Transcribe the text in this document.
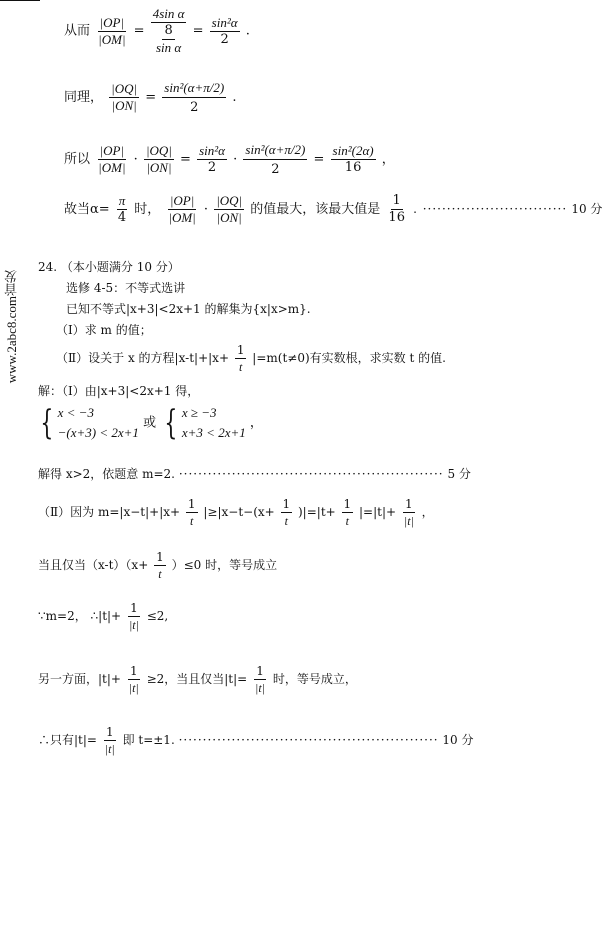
www.2abc8.com首发
从而 $\frac{|OP|}{|OM|}$ =
4sin α
8
sin α
= $\frac{\text{sin²α}}{2}$ .
同理， $\frac{|OQ|}{|ON|} = \frac{\text{sin²(α+π/2)}}{2}$ .
所以 $\frac{|OP|}{|OM|} \cdot \frac{|OQ|}{|ON|} = \frac{\text{sin²α}}{2} \cdot \frac{\text{sin²(α+π/2)}}{2} = \frac{\text{sin²(2α)}}{16}$ ，
故当$\alpha= \frac{\pi}{4}$ 时， $\frac{|OP|}{|OM|} \cdot \frac{|OQ|}{|ON|}$ 的值最大，该最大值是 $\frac{1}{16}$ . ······························ 10 分
24. （本小题满分 10 分）
选修 4-5：不等式选讲
已知不等式|x+3|<2x+1 的解集为{x|x>m}.
（Ⅰ）求 m 的值；
（Ⅱ）设关于 x 的方程$|x-t|+|x+ \frac{1}{t} |=m(t\ne 0)$有实数根，求实数 t 的值.
解：（Ⅰ）由|x+3|<2x+1 得，
{ x < −3
−(x+3) < 2x+1
或 { x ≥ −3
x+3 < 2x+1
，
解得 x>2，依题意 m=2. ······················································· 5 分
（Ⅱ）因为 $m=|x-t|+|x+ \frac{1}{t} |\ge|x-t-(x+ \frac{1}{t} )|=|t+ \frac{1}{t} |=|t|+ \frac{1}{|t|}$ ，
当且仅当$(x-t)(x+ \frac{1}{t} )\le 0$ 时，等号成立
∵m=2， ∴|t|+ $\frac{1}{|t|} \le 2$,
另一方面，$|t|+ \frac{1}{|t|} \ge 2$，当且仅当$|t|= \frac{1}{|t|}$ 时，等号成立，
∴只有$|t|= \frac{1}{|t|}$ 即 t=±1. ······················································ 10 分
